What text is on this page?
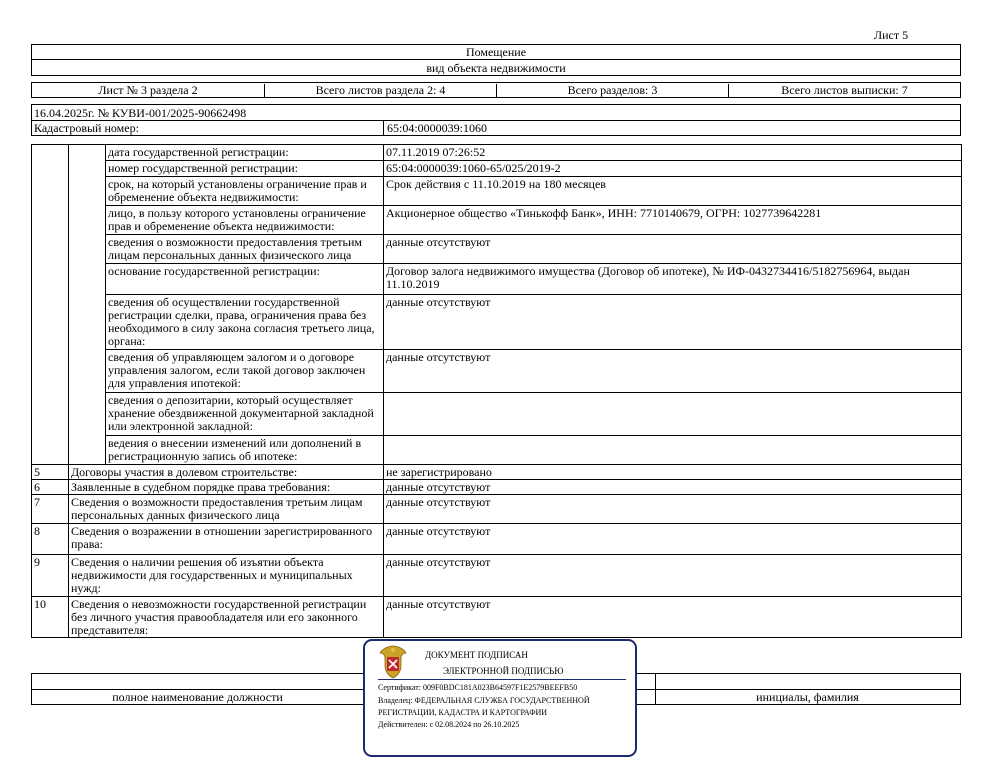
Лист 5
Помещение
вид объекта недвижимости
Лист № 3 раздела 2	Всего листов раздела 2: 4	Всего разделов: 3	Всего листов выписки: 7
16.04.2025г. № КУВИ-001/2025-90662498
Кадастровый номер:	65:04:0000039:1060
		дата государственной регистрации:	07.11.2019 07:26:52
		номер государственной регистрации:	65:04:0000039:1060-65/025/2019-2
		срок, на который установлены ограничение прав и обременение объекта недвижимости:	Срок действия с 11.10.2019 на 180 месяцев
		лицо, в пользу которого установлены ограничение прав и обременение объекта недвижимости:	Акционерное общество «Тинькофф Банк», ИНН: 7710140679, ОГРН: 1027739642281
		сведения о возможности предоставления третьим лицам персональных данных физического лица	данные отсутствуют
		основание государственной регистрации:	Договор залога недвижимого имущества (Договор об ипотеке), № ИФ-0432734416/5182756964, выдан 11.10.2019
		сведения об осуществлении государственной регистрации сделки, права, ограничения права без необходимого в силу закона согласия третьего лица, органа:	данные отсутствуют
		сведения об управляющем залогом и о договоре управления залогом, если такой договор заключен для управления ипотекой:	данные отсутствуют
		сведения о депозитарии, который осуществляет хранение обездвиженной документарной закладной или электронной закладной:	
		ведения о внесении изменений или дополнений в регистрационную запись об ипотеке:	
5	Договоры участия в долевом строительстве:		не зарегистрировано
6	Заявленные в судебном порядке права требования:		данные отсутствуют
7	Сведения о возможности предоставления третьим лицам персональных данных физического лица		данные отсутствуют
8	Сведения о возражении в отношении зарегистрированного права:		данные отсутствуют
9	Сведения о наличии решения об изъятии объекта недвижимости для государственных и муниципальных нужд:		данные отсутствуют
10	Сведения о невозможности государственной регистрации без личного участия правообладателя или его законного представителя:		данные отсутствуют
полное наименование должности	инициалы, фамилия
ДОКУМЕНТ ПОДПИСАН
ЭЛЕКТРОННОЙ ПОДПИСЬЮ
Сертификат: 009F0BDC181A023B64597F1E2579BEEFB50
Владелец: ФЕДЕРАЛЬНАЯ СЛУЖБА ГОСУДАРСТВЕННОЙ
РЕГИСТРАЦИИ, КАДАСТРА И КАРТОГРАФИИ
Действителен: с 02.08.2024 по 26.10.2025
